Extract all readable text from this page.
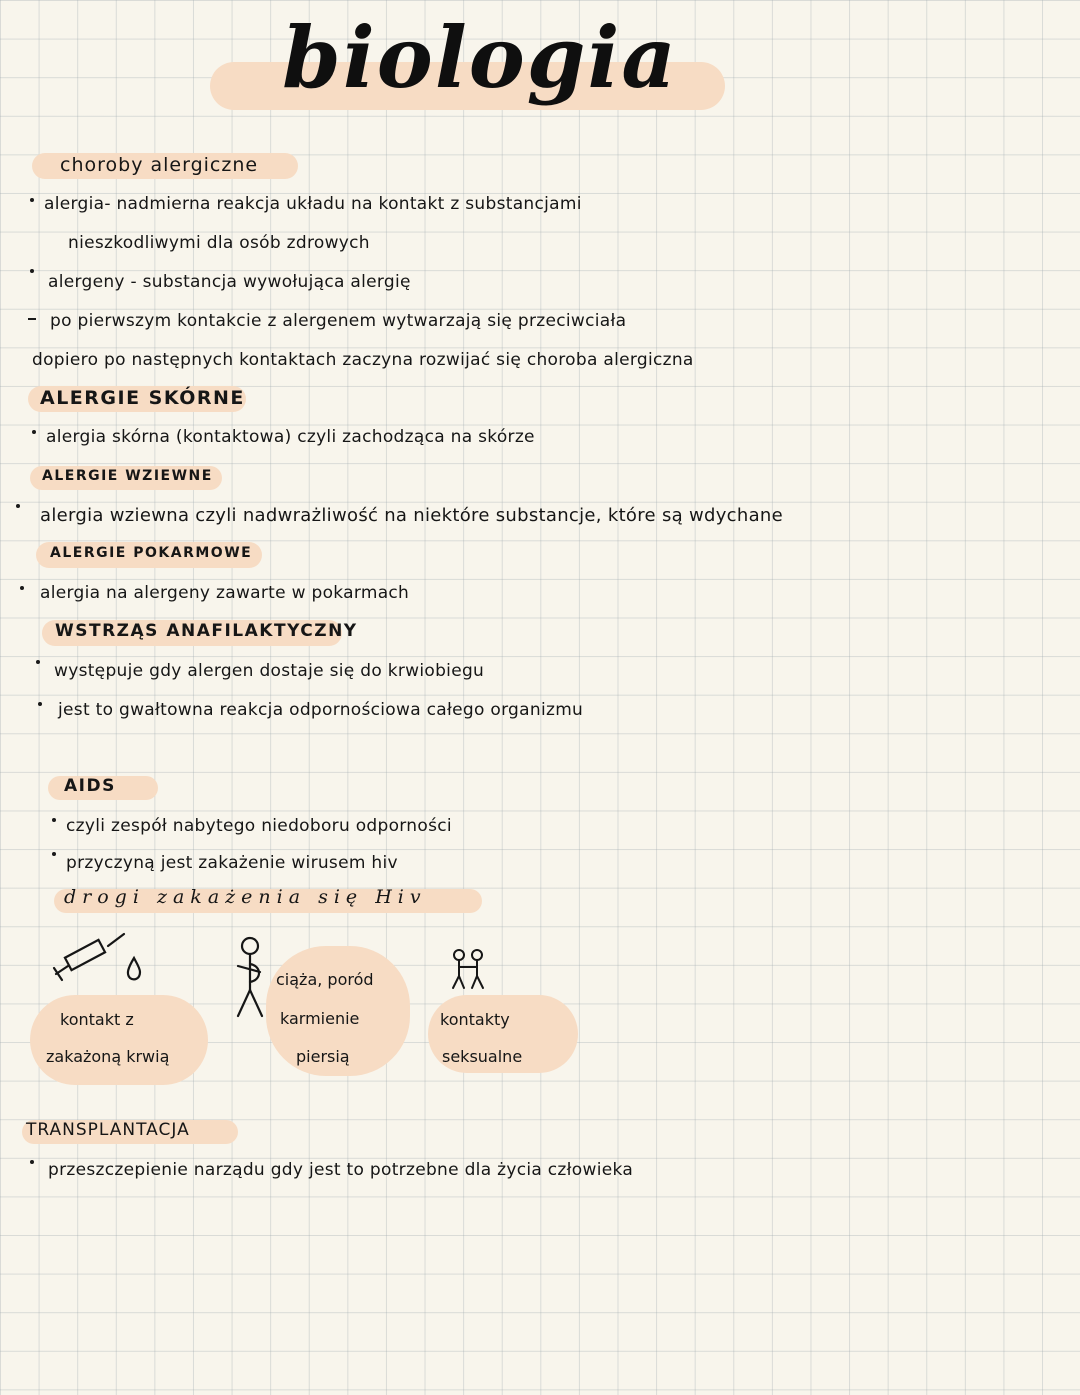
biologia
choroby alergiczne
alergia- nadmierna reakcja układu na kontakt z substancjami
nieszkodliwymi dla osób zdrowych
alergeny - substancja wywołująca alergię
po pierwszym kontakcie z alergenem wytwarzają się przeciwciała
dopiero po następnych kontaktach zaczyna rozwijać się choroba alergiczna
ALERGIE SKÓRNE
alergia skórna (kontaktowa) czyli zachodząca na skórze
ALERGIE WZIEWNE
alergia wziewna czyli nadwrażliwość na niektóre substancje, które są wdychane
ALERGIE POKARMOWE
alergia na alergeny zawarte w pokarmach
WSTRZĄS ANAFILAKTYCZNY
występuje gdy alergen dostaje się do krwiobiegu
jest to gwałtowna reakcja odpornościowa całego organizmu
AIDS
czyli zespół nabytego niedoboru odporności
przyczyną jest zakażenie wirusem hiv
drogi zakażenia się Hiv
kontakt z
zakażoną krwią
ciąża, poród
karmienie
piersią
kontakty
seksualne
TRANSPLANTACJA
przeszczepienie narządu gdy jest to potrzebne dla życia człowieka
